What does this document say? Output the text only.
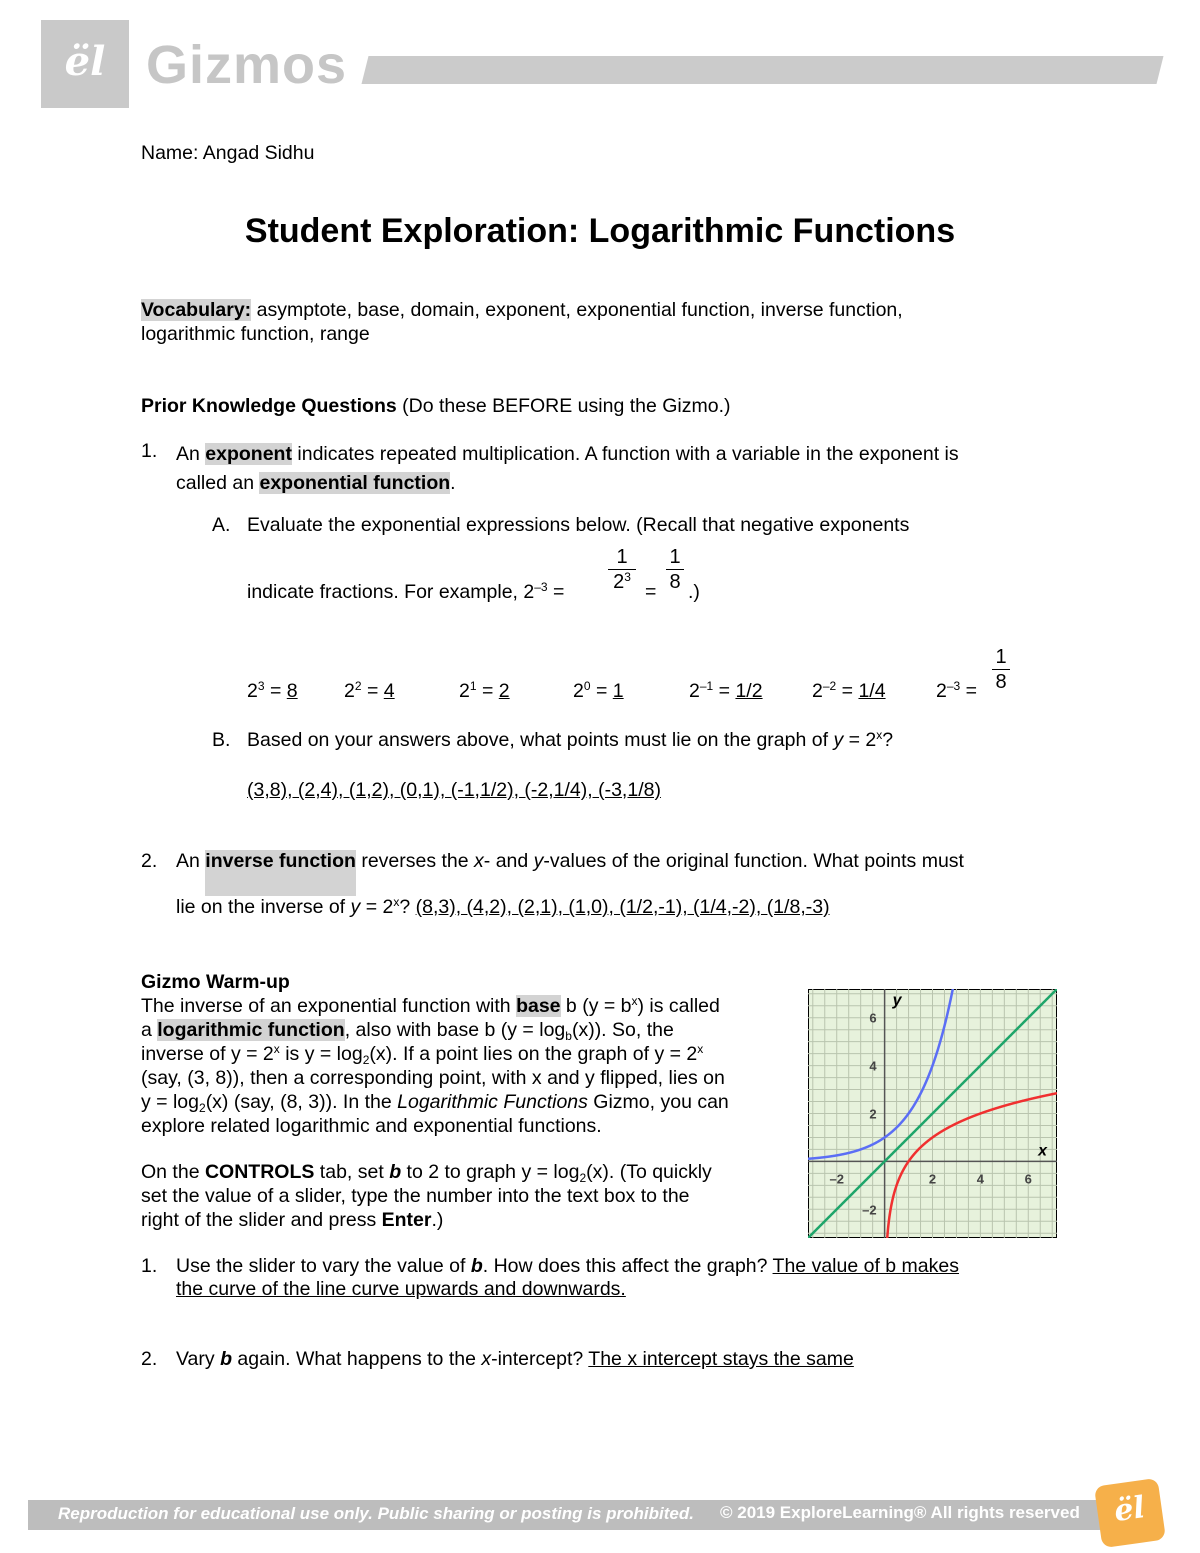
ël Gizmos
Name: Angad Sidhu
Student Exploration: Logarithmic Functions
Vocabulary: asymptote, base, domain, exponent, exponential function, inverse function,
logarithmic function, range
Prior Knowledge Questions (Do these BEFORE using the Gizmo.)
1. An exponent indicates repeated multiplication. A function with a variable in the exponent is
called an exponential function.
A. Evaluate the exponential expressions below. (Recall that negative exponents
indicate fractions. For example, $2^{-3} = \frac{1}{2^3} = \frac{1}{8}$ .)
$2^3 = 8$ $2^2 = 4$	$2^1 = 2$	$2^0 = 1$	$2^{-1} = 1/2$	$2^{-2} = 1/4$	$2^{-3} = \frac{1}{8}$
B. Based on your answers above, what points must lie on the graph of $y = 2^x$?
(3,8), (2,4), (1,2), (0,1), (-1,1/2), (-2,1/4), (-3,1/8)
2. An inverse function reverses the x- and y-values of the original function. What points must
lie on the inverse of $y = 2^x$? (8,3), (4,2), (2,1), (1,0), (1/2,-1), (1/4,-2), (1/8,-3)
Gizmo Warm-up
The inverse of an exponential function with base b $(y = b^x)$ is called
a logarithmic function, also with base b $(y = \log_b(x))$. So, the
inverse of $y = 2^x$ is $y = \log_2(x)$. If a point lies on the graph of $y = 2^x$
(say, (3, 8)), then a corresponding point, with x and y flipped, lies on
$y = \log_2(x)$ (say, (8, 3)). In the Logarithmic Functions Gizmo, you can
explore related logarithmic and exponential functions.
On the CONTROLS tab, set b to 2 to graph $y = \log_2(x)$. (To quickly
set the value of a slider, type the number into the text box to the
right of the slider and press Enter.)
–2	2	4	6
6
4
2
–2
x
y
1. Use the slider to vary the value of b. How does this affect the graph? The value of b makes
the curve of the line curve upwards and downwards.
2. Vary b again. What happens to the x-intercept? The x intercept stays the same
Reproduction for educational use only. Public sharing or posting is prohibited. © 2019 ExploreLearning® All rights reserved	ël
